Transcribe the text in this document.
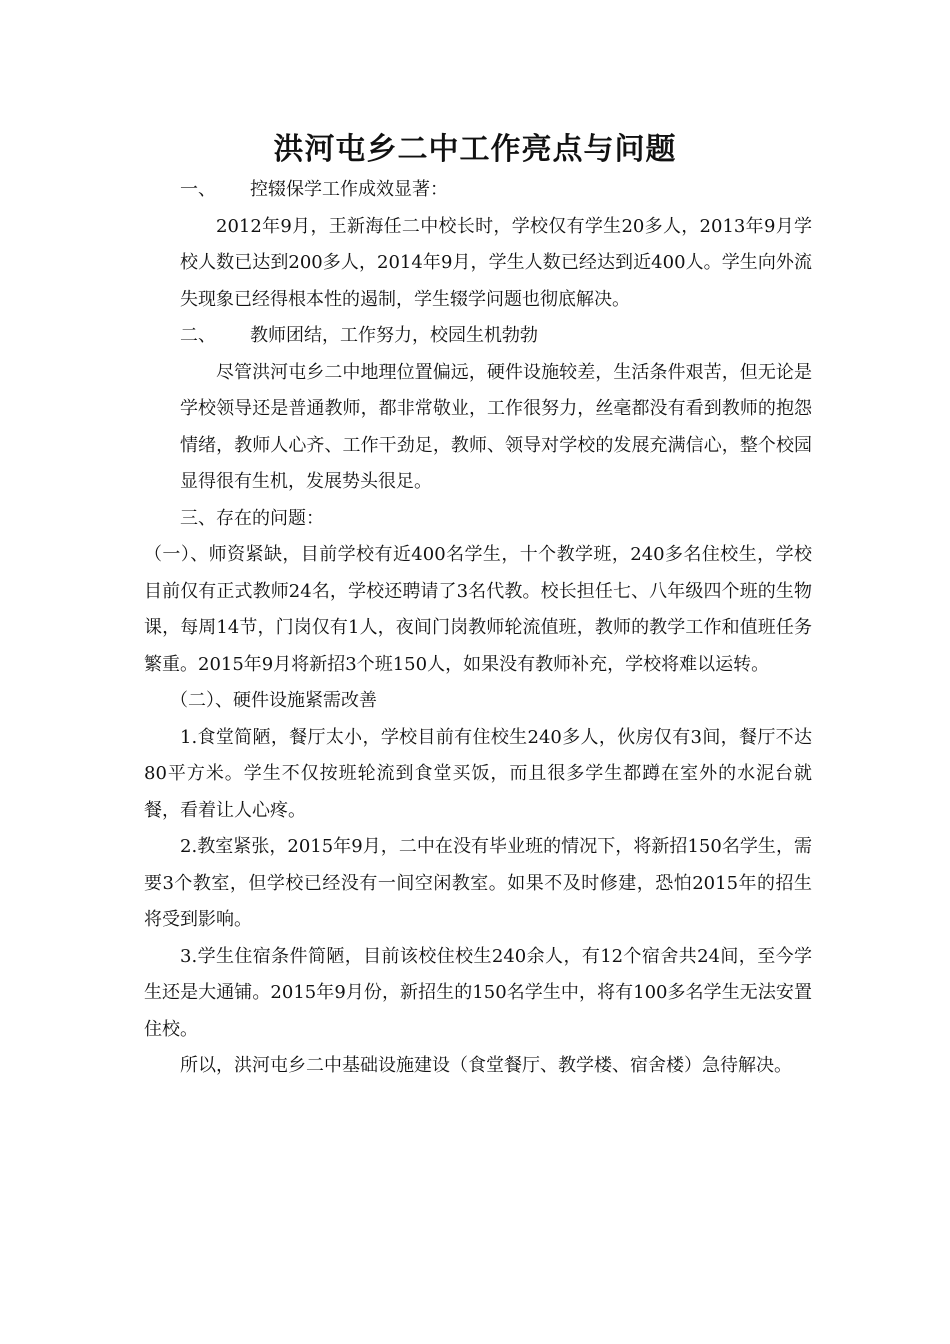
洪河屯乡二中工作亮点与问题

一、 控辍保学工作成效显著：

2012年9月，王新海任二中校长时，学校仅有学生20多人，2013年9月学校人数已达到200多人，2014年9月，学生人数已经达到近400人。学生向外流失现象已经得根本性的遏制，学生辍学问题也彻底解决。

二、 教师团结，工作努力，校园生机勃勃

尽管洪河屯乡二中地理位置偏远，硬件设施较差，生活条件艰苦，但无论是学校领导还是普通教师，都非常敬业，工作很努力，丝毫都没有看到教师的抱怨情绪，教师人心齐、工作干劲足，教师、领导对学校的发展充满信心，整个校园显得很有生机，发展势头很足。

三、存在的问题：

（一）、师资紧缺，目前学校有近400名学生，十个教学班，240多名住校生，学校目前仅有正式教师24名，学校还聘请了3名代教。校长担任七、八年级四个班的生物课，每周14节，门岗仅有1人，夜间门岗教师轮流值班，教师的教学工作和值班任务繁重。2015年9月将新招3个班150人，如果没有教师补充，学校将难以运转。

（二）、硬件设施紧需改善

1.食堂简陋，餐厅太小，学校目前有住校生240多人，伙房仅有3间，餐厅不达80平方米。学生不仅按班轮流到食堂买饭，而且很多学生都蹲在室外的水泥台就餐，看着让人心疼。

2.教室紧张，2015年9月，二中在没有毕业班的情况下，将新招150名学生，需要3个教室，但学校已经没有一间空闲教室。如果不及时修建，恐怕2015年的招生将受到影响。

3.学生住宿条件简陋，目前该校住校生240余人，有12个宿舍共24间，至今学生还是大通铺。2015年9月份，新招生的150名学生中，将有100多名学生无法安置住校。

所以，洪河屯乡二中基础设施建设（食堂餐厅、教学楼、宿舍楼）急待解决。
